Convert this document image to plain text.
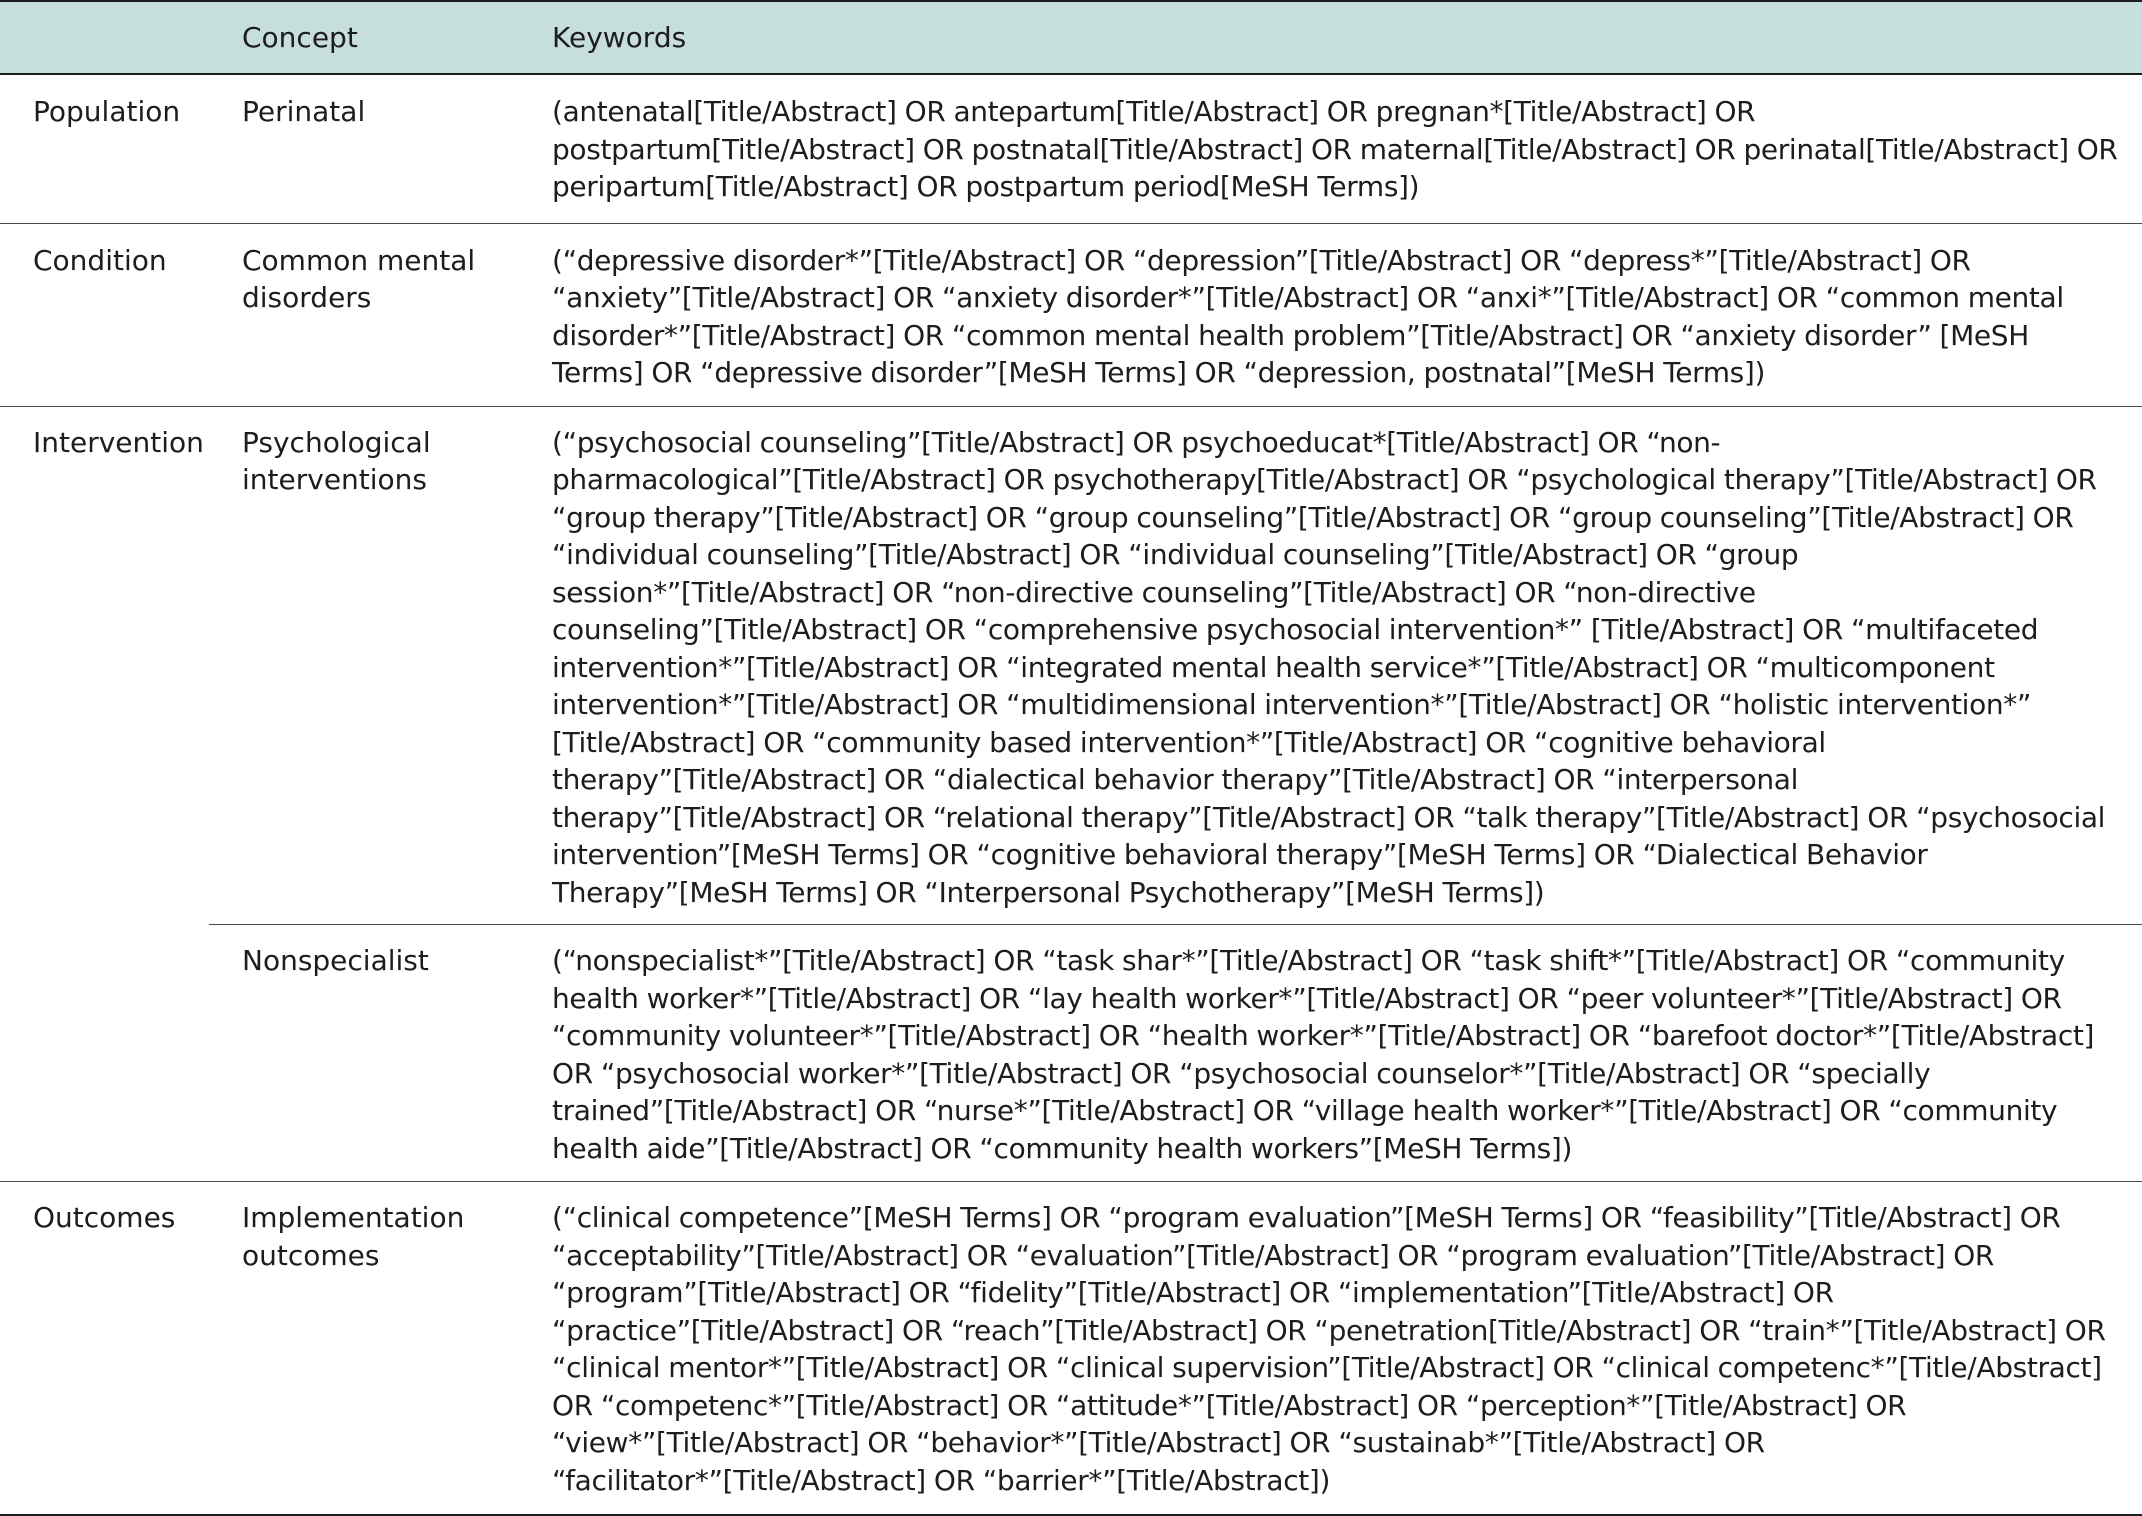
	Concept	Keywords
Population	Perinatal	(antenatal[Title/Abstract] OR antepartum[Title/Abstract] OR pregnan*[Title/Abstract] OR postpartum[Title/Abstract] OR postnatal[Title/Abstract] OR maternal[Title/Abstract] OR perinatal[Title/Abstract] OR peripartum[Title/Abstract] OR postpartum period[MeSH Terms])
Condition	Common mental disorders	(“depressive disorder*”[Title/Abstract] OR “depression”[Title/Abstract] OR “depress*”[Title/Abstract] OR “anxiety”[Title/Abstract] OR “anxiety disorder*”[Title/Abstract] OR “anxi*”[Title/Abstract] OR “common mental disorder*”[Title/Abstract] OR “common mental health problem”[Title/Abstract] OR “anxiety disorder” [MeSH Terms] OR “depressive disorder”[MeSH Terms] OR “depression, postnatal”[MeSH Terms])
Intervention	Psychological interventions	(“psychosocial counseling”[Title/Abstract] OR psychoeducat*[Title/Abstract] OR “non-pharmacological”[Title/Abstract] OR psychotherapy[Title/Abstract] OR “psychological therapy”[Title/Abstract] OR “group therapy”[Title/Abstract] OR “group counseling”[Title/Abstract] OR “group counseling”[Title/Abstract] OR “individual counseling”[Title/Abstract] OR “individual counseling”[Title/Abstract] OR “group session*”[Title/Abstract] OR “non-directive counseling”[Title/Abstract] OR “non-directive counseling”[Title/Abstract] OR “comprehensive psychosocial intervention*” [Title/Abstract] OR “multifaceted intervention*”[Title/Abstract] OR “integrated mental health service*”[Title/Abstract] OR “multicomponent intervention*”[Title/Abstract] OR “multidimensional intervention*”[Title/Abstract] OR “holistic intervention*” [Title/Abstract] OR “community based intervention*”[Title/Abstract] OR “cognitive behavioral therapy”[Title/Abstract] OR “dialectical behavior therapy”[Title/Abstract] OR “interpersonal therapy”[Title/Abstract] OR “relational therapy”[Title/Abstract] OR “talk therapy”[Title/Abstract] OR “psychosocial intervention”[MeSH Terms] OR “cognitive behavioral therapy”[MeSH Terms] OR “Dialectical Behavior Therapy”[MeSH Terms] OR “Interpersonal Psychotherapy”[MeSH Terms])
	Nonspecialist	(“nonspecialist*”[Title/Abstract] OR “task shar*”[Title/Abstract] OR “task shift*”[Title/Abstract] OR “community health worker*”[Title/Abstract] OR “lay health worker*”[Title/Abstract] OR “peer volunteer*”[Title/Abstract] OR “community volunteer*”[Title/Abstract] OR “health worker*”[Title/Abstract] OR “barefoot doctor*”[Title/Abstract] OR “psychosocial worker*”[Title/Abstract] OR “psychosocial counselor*”[Title/Abstract] OR “specially trained”[Title/Abstract] OR “nurse*”[Title/Abstract] OR “village health worker*”[Title/Abstract] OR “community health aide”[Title/Abstract] OR “community health workers”[MeSH Terms])
Outcomes	Implementation outcomes	(“clinical competence”[MeSH Terms] OR “program evaluation”[MeSH Terms] OR “feasibility”[Title/Abstract] OR “acceptability”[Title/Abstract] OR “evaluation”[Title/Abstract] OR “program evaluation”[Title/Abstract] OR “program”[Title/Abstract] OR “fidelity”[Title/Abstract] OR “implementation”[Title/Abstract] OR “practice”[Title/Abstract] OR “reach”[Title/Abstract] OR “penetration[Title/Abstract] OR “train*”[Title/Abstract] OR “clinical mentor*”[Title/Abstract] OR “clinical supervision”[Title/Abstract] OR “clinical competenc*”[Title/Abstract] OR “competenc*”[Title/Abstract] OR “attitude*”[Title/Abstract] OR “perception*”[Title/Abstract] OR “view*”[Title/Abstract] OR “behavior*”[Title/Abstract] OR “sustainab*”[Title/Abstract] OR “facilitator*”[Title/Abstract] OR “barrier*”[Title/Abstract])
